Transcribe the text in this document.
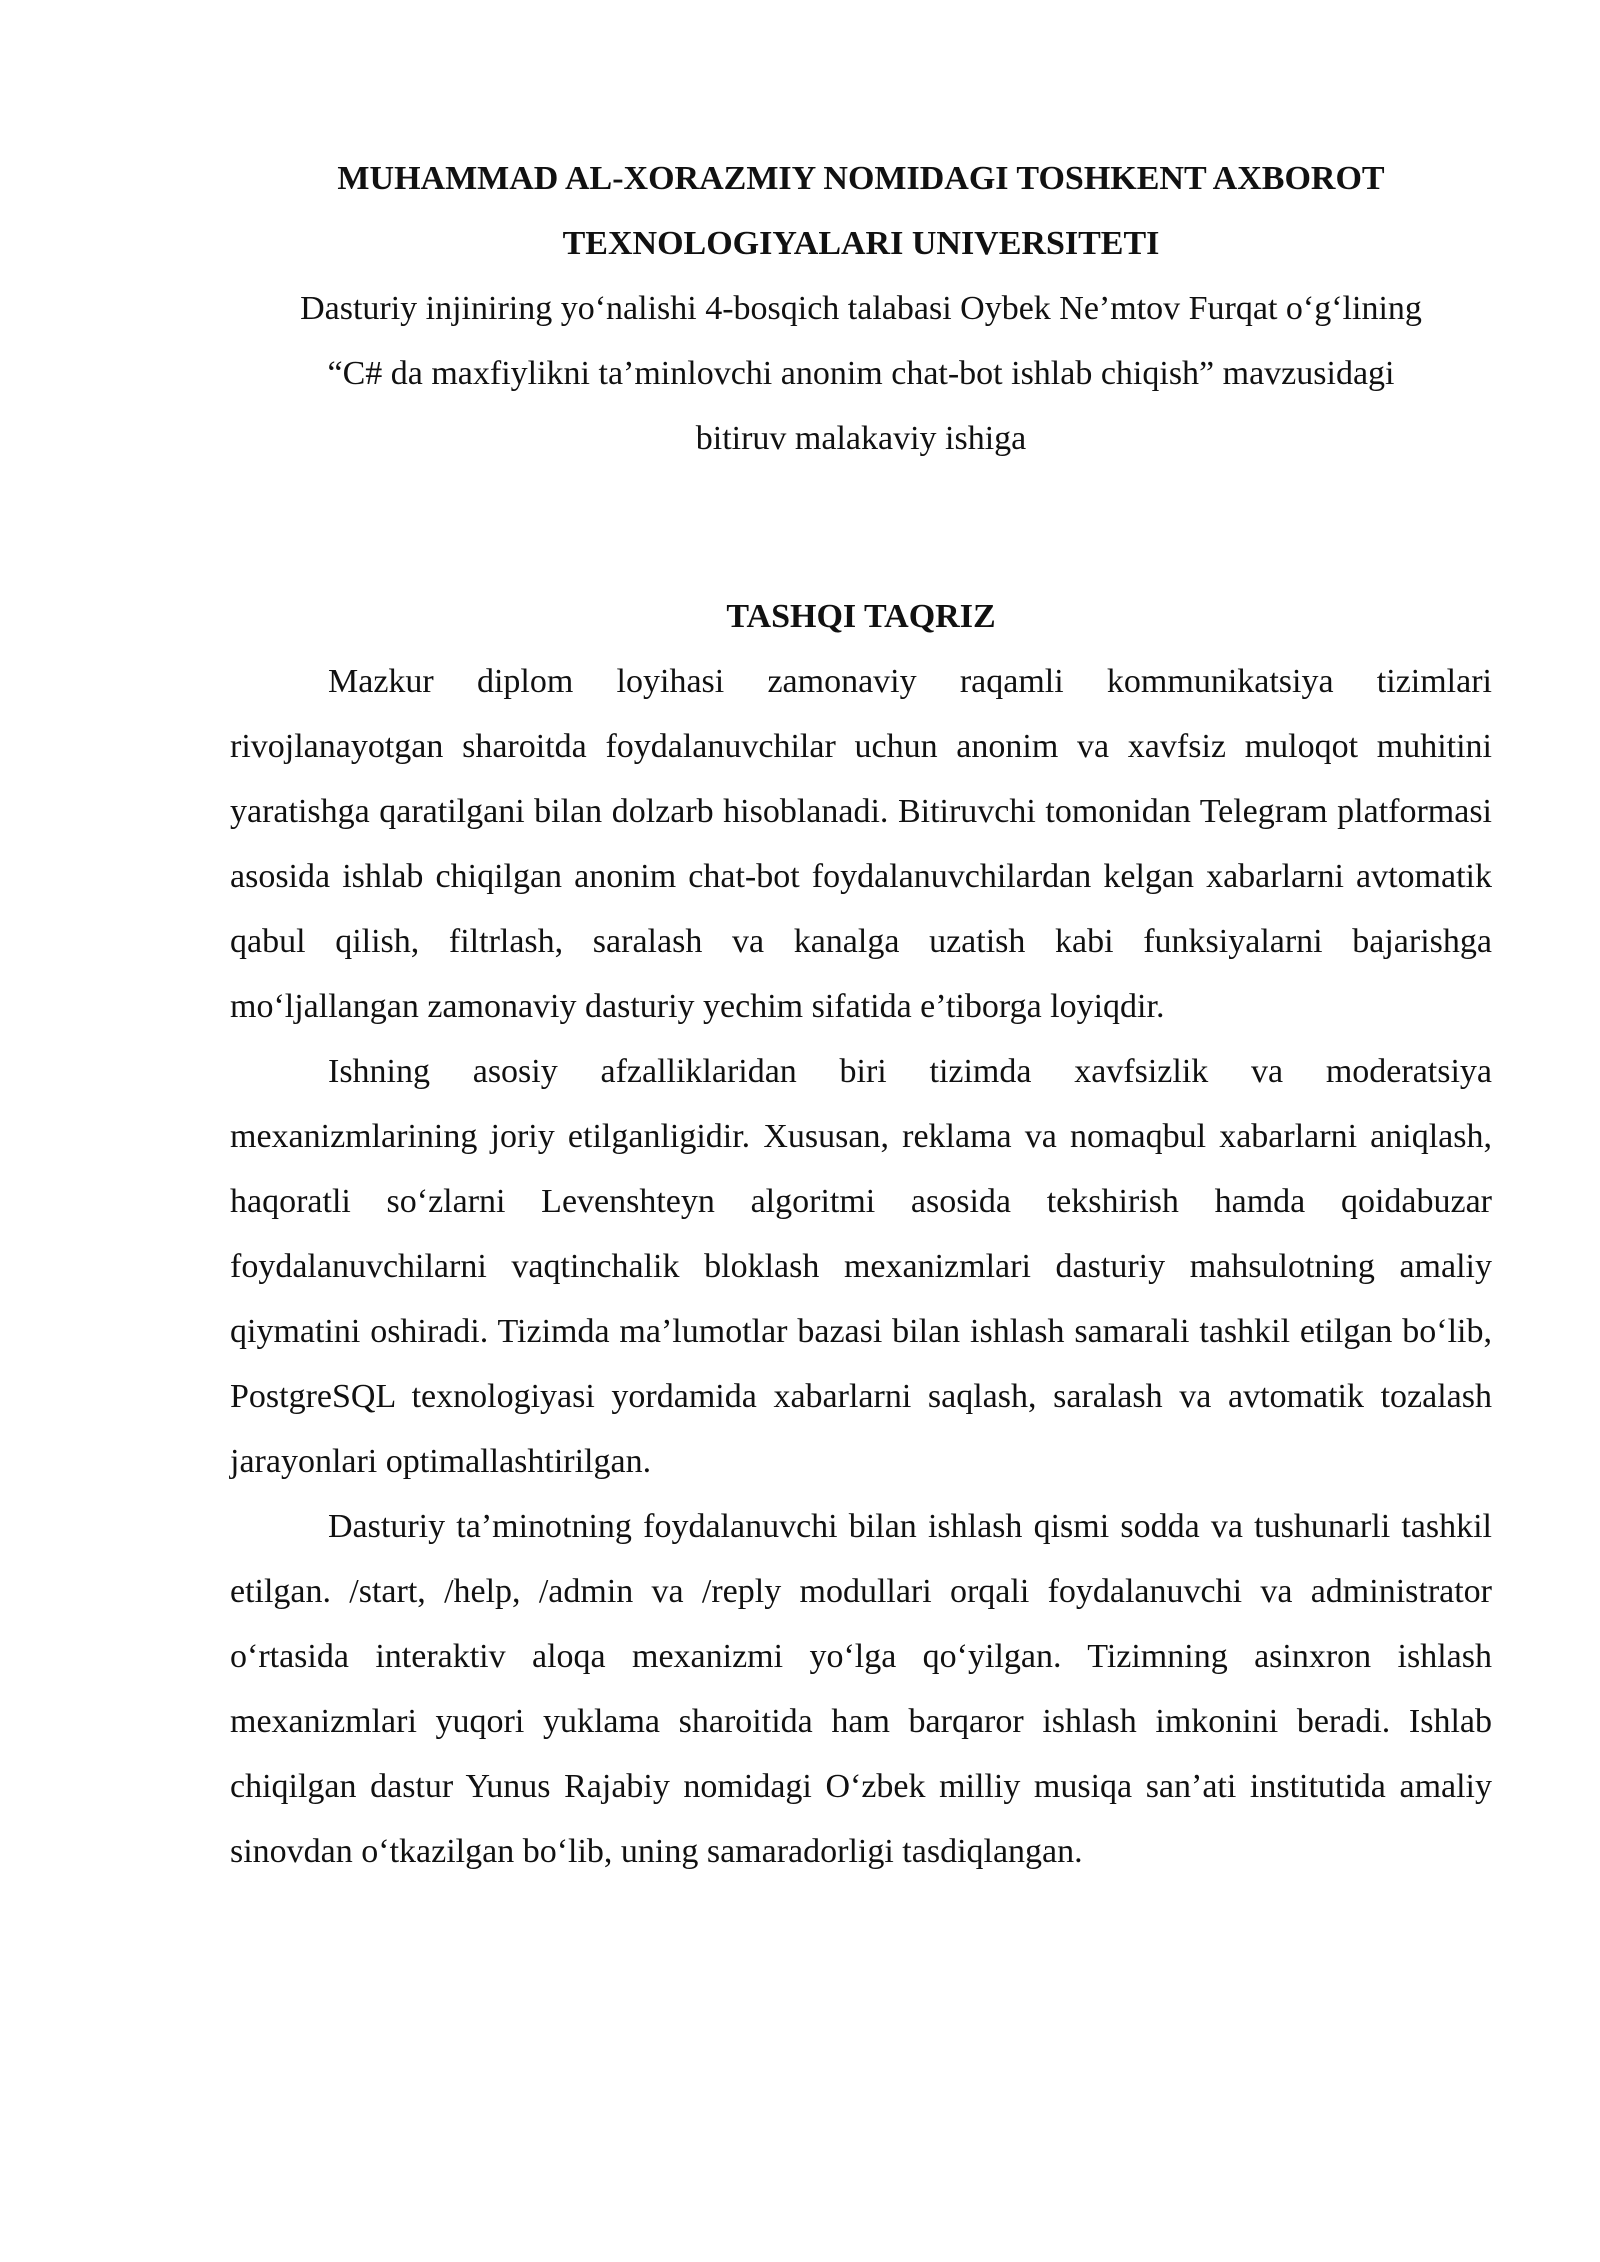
MUHAMMAD AL-XORAZMIY NOMIDAGI TOSHKENT AXBOROT
TEXNOLOGIYALARI UNIVERSITETI
Dasturiy injiniring yo‘nalishi 4-bosqich talabasi Oybek Ne’mtov Furqat o‘g‘lining
“C# da maxfiylikni ta’minlovchi anonim chat-bot ishlab chiqish” mavzusidagi
bitiruv malakaviy ishiga
TASHQI TAQRIZ

Mazkur diplom loyihasi zamonaviy raqamli kommunikatsiya tizimlari rivojlanayotgan sharoitda foydalanuvchilar uchun anonim va xavfsiz muloqot muhitini yaratishga qaratilgani bilan dolzarb hisoblanadi. Bitiruvchi tomonidan Telegram platformasi asosida ishlab chiqilgan anonim chat-bot foydalanuvchilardan kelgan xabarlarni avtomatik qabul qilish, filtrlash, saralash va kanalga uzatish kabi funksiyalarni bajarishga mo‘ljallangan zamonaviy dasturiy yechim sifatida e’tiborga loyiqdir.

Ishning asosiy afzalliklaridan biri tizimda xavfsizlik va moderatsiya mexanizmlarining joriy etilganligidir. Xususan, reklama va nomaqbul xabarlarni aniqlash, haqoratli so‘zlarni Levenshteyn algoritmi asosida tekshirish hamda qoidabuzar foydalanuvchilarni vaqtinchalik bloklash mexanizmlari dasturiy mahsulotning amaliy qiymatini oshiradi. Tizimda ma’lumotlar bazasi bilan ishlash samarali tashkil etilgan bo‘lib, PostgreSQL texnologiyasi yordamida xabarlarni saqlash, saralash va avtomatik tozalash jarayonlari optimallashtirilgan.

Dasturiy ta’minotning foydalanuvchi bilan ishlash qismi sodda va tushunarli tashkil etilgan. /start, /help, /admin va /reply modullari orqali foydalanuvchi va administrator o‘rtasida interaktiv aloqa mexanizmi yo‘lga qo‘yilgan. Tizimning asinxron ishlash mexanizmlari yuqori yuklama sharoitida ham barqaror ishlash imkonini beradi. Ishlab chiqilgan dastur Yunus Rajabiy nomidagi O‘zbek milliy musiqa san’ati institutida amaliy sinovdan o‘tkazilgan bo‘lib, uning samaradorligi tasdiqlangan.
